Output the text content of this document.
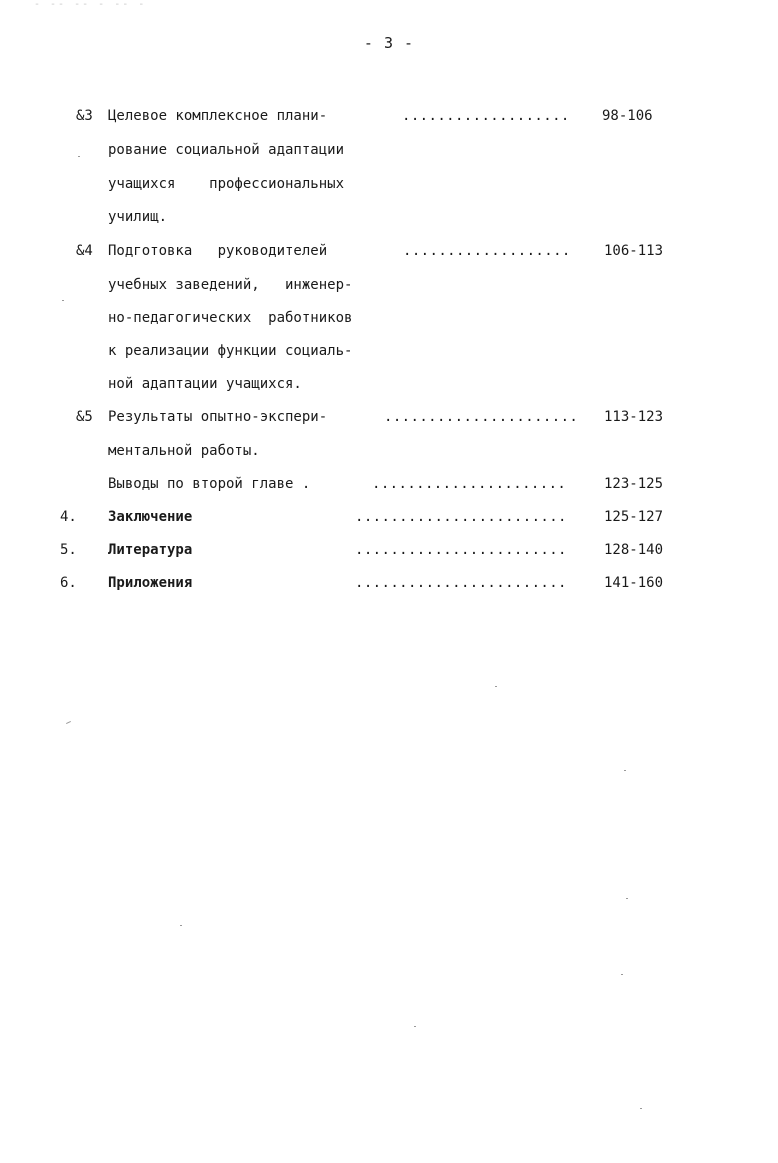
- -- -- - -- -
- 3 -
&3 Целевое комплексное плани-	................... 98-106
рование социальной адаптации
учащихся    профессиональных
училищ.
&4 Подготовка   руководителей	................... 106-113
учебных заведений,   инженер-
но-педагогических  работников
к реализации функции социаль-
ной адаптации учащихся.
&5 Результаты опытно-экспери-	...................... 113-123
ментальной работы.
Выводы по второй главе .	......................	123-125
4. Заключение	........................	125-127
5. Литература	........................	128-140
6. Приложения	........................	141-160
